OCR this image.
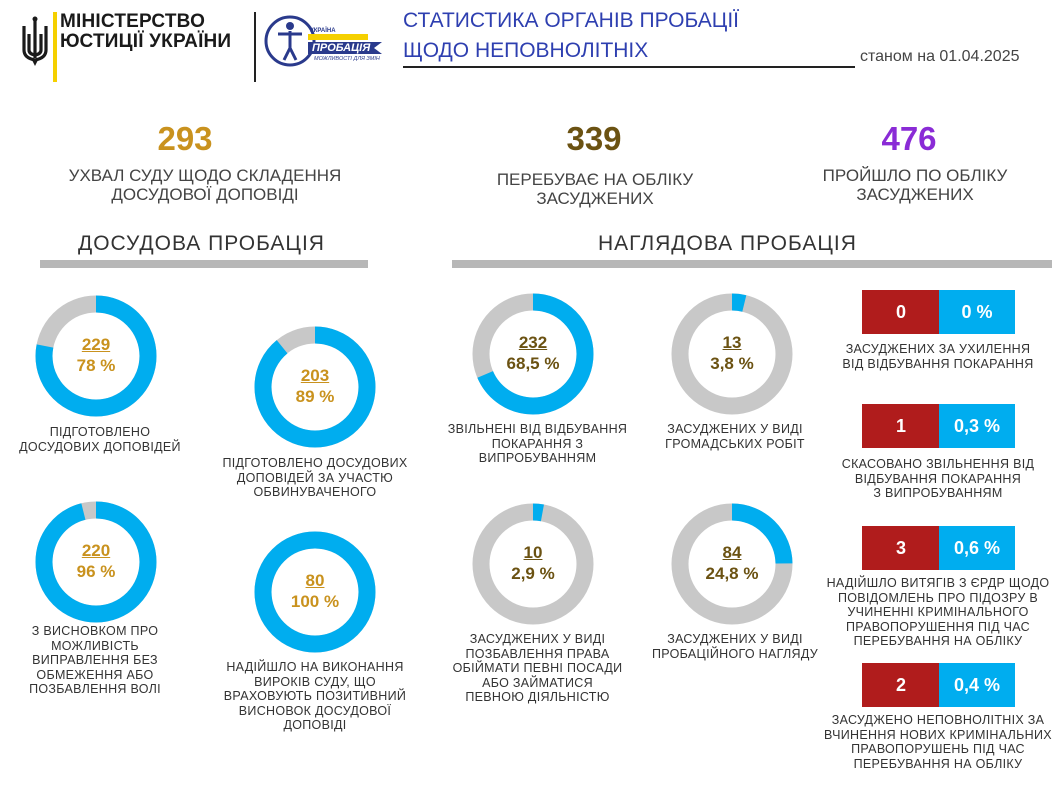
МІНІСТЕРСТВО
ЮСТИЦІЇ УКРАЇНИ	УКРАЇНА
ПРОБАЦІЯ
МОЖЛИВОСТІ ДЛЯ ЗМІН
СТАТИСТИКА ОРГАНІВ ПРОБАЦІЇ
ЩОДО НЕПОВНОЛІТНІХ	станом на 01.04.2025
293
УХВАЛ СУДУ ЩОДО СКЛАДЕННЯ
ДОСУДОВОЇ ДОПОВІДІ
339
ПЕРЕБУВАЄ НА ОБЛІКУ
ЗАСУДЖЕНИХ
476
ПРОЙШЛО ПО ОБЛІКУ
ЗАСУДЖЕНИХ
ДОСУДОВА ПРОБАЦІЯ	НАГЛЯДОВА ПРОБАЦІЯ
229
78 %
ПІДГОТОВЛЕНО
ДОСУДОВИХ ДОПОВІДЕЙ
203
89 %
ПІДГОТОВЛЕНО ДОСУДОВИХ
ДОПОВІДЕЙ ЗА УЧАСТЮ
ОБВИНУВАЧЕНОГО
220
96 %
З ВИСНОВКОМ ПРО
МОЖЛИВІСТЬ
ВИПРАВЛЕННЯ БЕЗ
ОБМЕЖЕННЯ АБО
ПОЗБАВЛЕННЯ ВОЛІ
80
100 %
НАДІЙШЛО НА ВИКОНАННЯ
ВИРОКІВ СУДУ, ЩО
ВРАХОВУЮТЬ ПОЗИТИВНИЙ
ВИСНОВОК ДОСУДОВОЇ
ДОПОВІДІ
232
68,5 %
ЗВІЛЬНЕНІ ВІД ВІДБУВАННЯ
ПОКАРАННЯ З
ВИПРОБУВАННЯМ
13
3,8 %
ЗАСУДЖЕНИХ У ВИДІ
ГРОМАДСЬКИХ РОБІТ
10
2,9 %
ЗАСУДЖЕНИХ У ВИДІ
ПОЗБАВЛЕННЯ ПРАВА
ОБІЙМАТИ ПЕВНІ ПОСАДИ
АБО ЗАЙМАТИСЯ
ПЕВНОЮ ДІЯЛЬНІСТЮ
84
24,8 %
ЗАСУДЖЕНИХ У ВИДІ
ПРОБАЦІЙНОГО НАГЛЯДУ
0	0 %
ЗАСУДЖЕНИХ ЗА УХИЛЕННЯ
ВІД ВІДБУВАННЯ ПОКАРАННЯ
1	0,3 %
СКАСОВАНО ЗВІЛЬНЕННЯ ВІД
ВІДБУВАННЯ ПОКАРАННЯ
З ВИПРОБУВАННЯМ
3	0,6 %
НАДІЙШЛО ВИТЯГІВ З ЄРДР ЩОДО
ПОВІДОМЛЕНЬ ПРО ПІДОЗРУ В
УЧИНЕННІ КРИМІНАЛЬНОГО
ПРАВОПОРУШЕННЯ ПІД ЧАС
ПЕРЕБУВАННЯ НА ОБЛІКУ
2	0,4 %
ЗАСУДЖЕНО НЕПОВНОЛІТНІХ ЗА
ВЧИНЕННЯ НОВИХ КРИМІНАЛЬНИХ
ПРАВОПОРУШЕНЬ ПІД ЧАС
ПЕРЕБУВАННЯ НА ОБЛІКУ
